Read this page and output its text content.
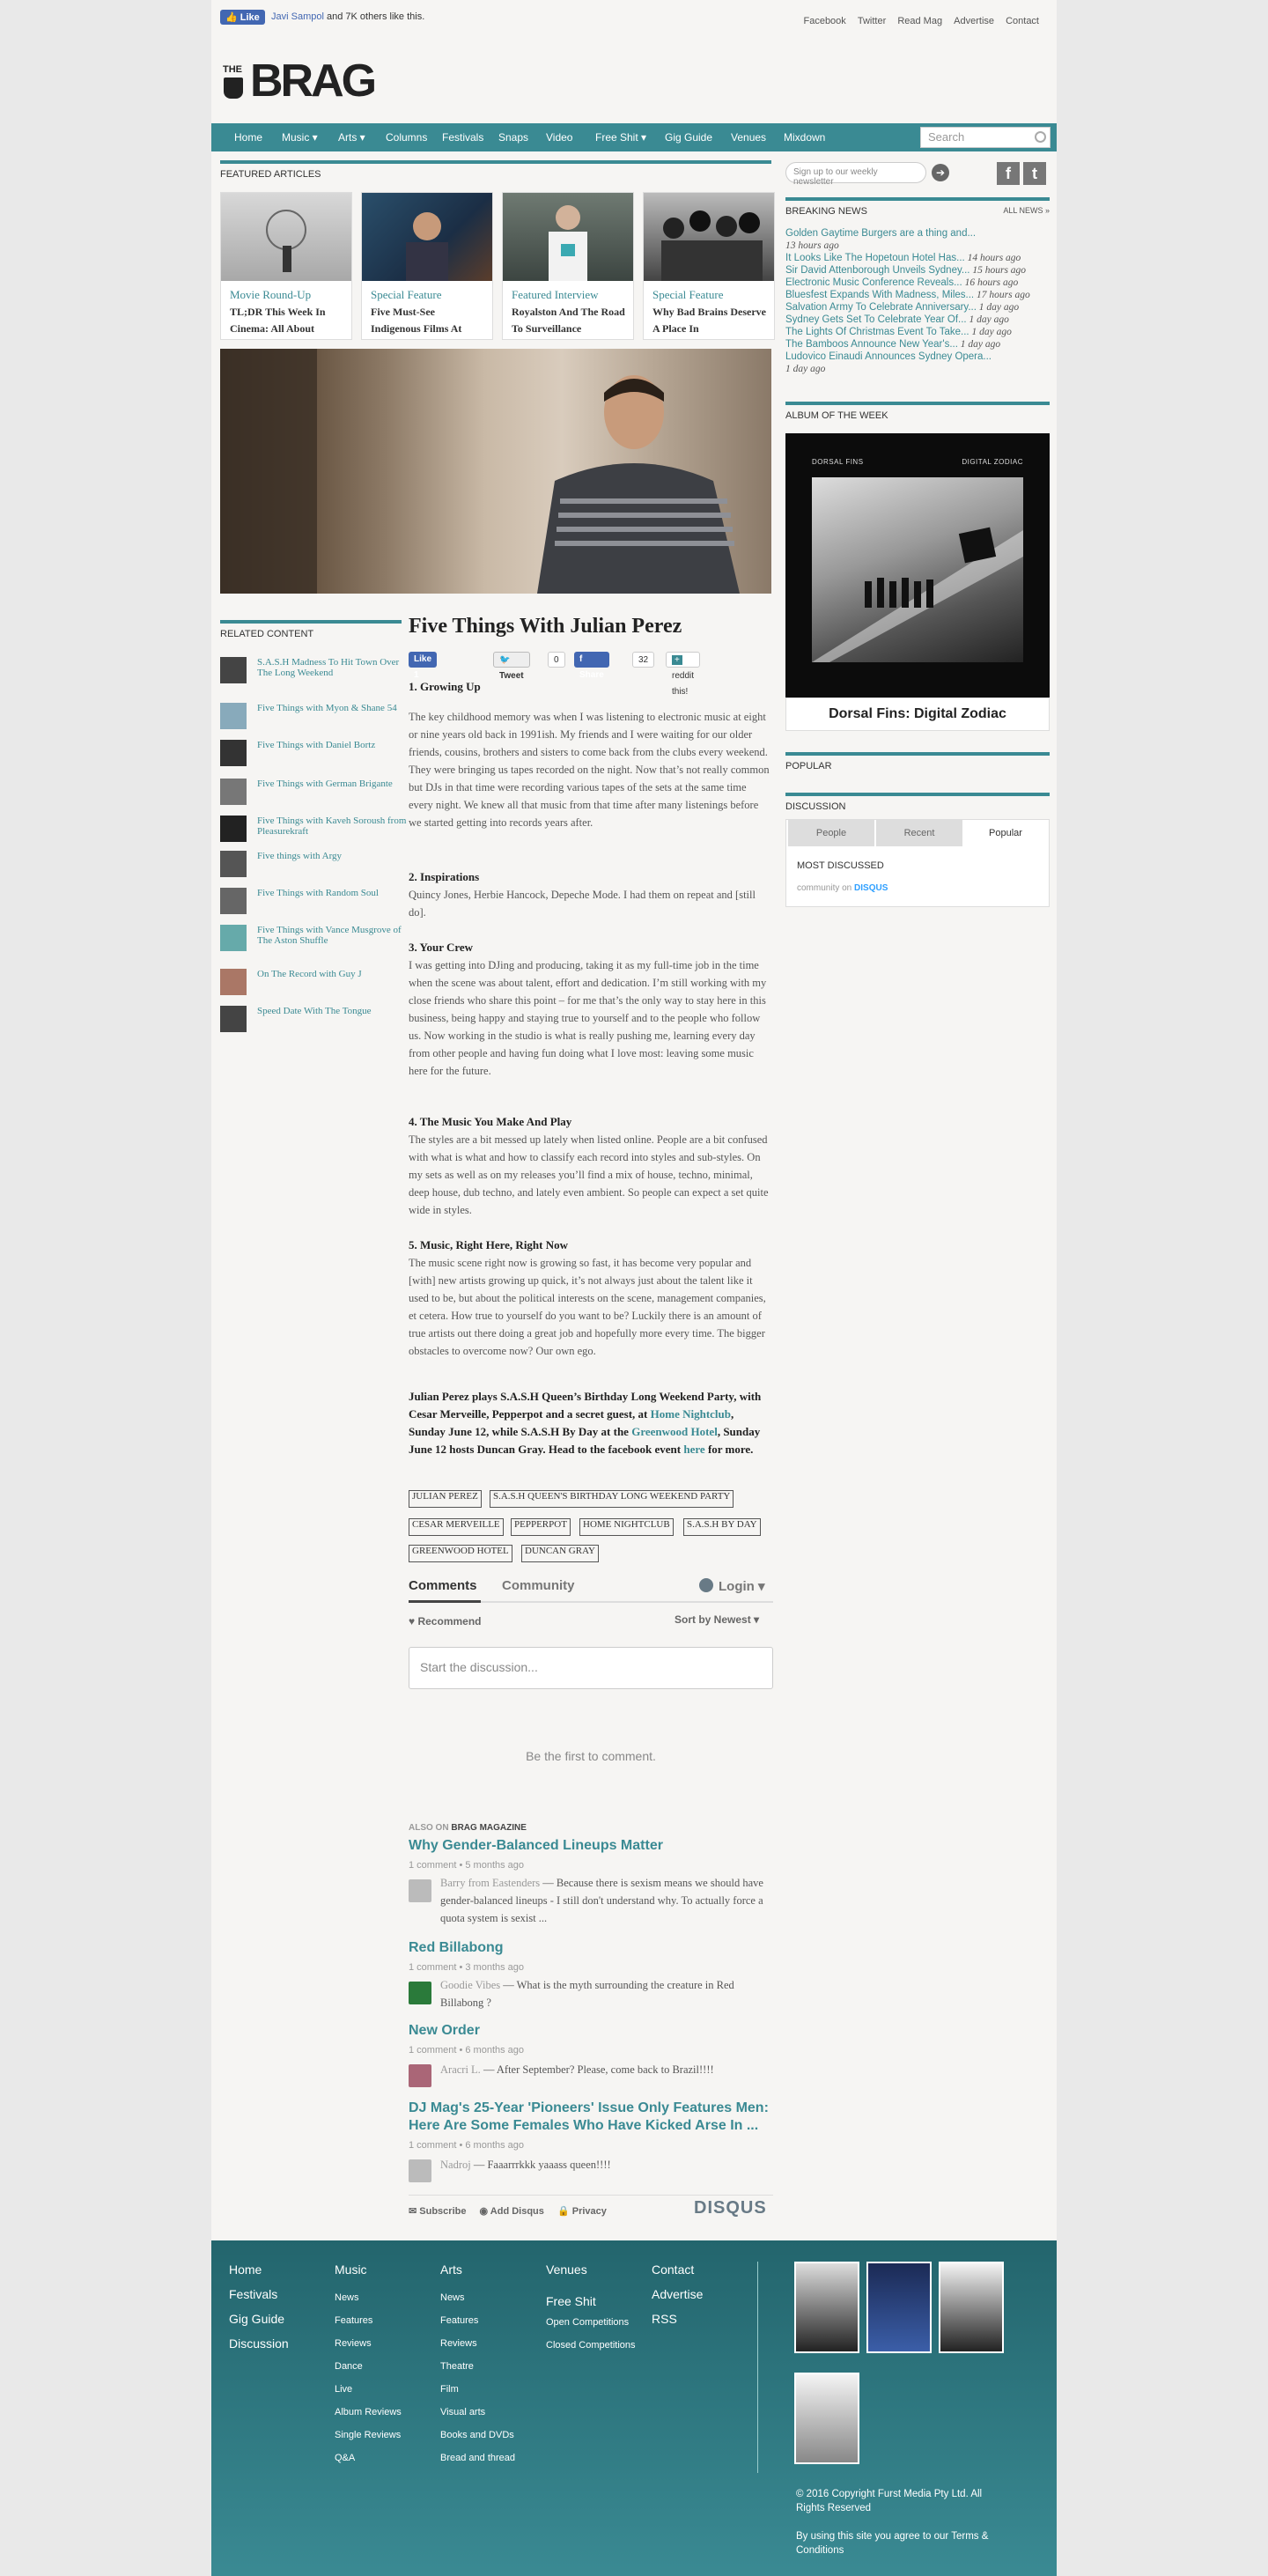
👍 Like	Javi Sampol and 7K others like this.	Facebook Twitter Read Mag Advertise Contact
THE BRAG
Home Music ▾ Arts ▾ Columns Festivals Snaps Video Free Shit ▾ Gig Guide Venues Mixdown	Search
FEATURED ARTICLES
Movie Round-Up
TL;DR This Week In Cinema: All About
Special Feature
Five Must-See Indigenous Films At
Featured Interview
Royalston And The Road To Surveillance
Special Feature
Why Bad Brains Deserve A Place In
Sign up to our weekly newsletter
➔	f	t
BREAKING NEWS	ALL NEWS »
Golden Gaytime Burgers are a thing and...
13 hours ago
It Looks Like The Hopetoun Hotel Has... 14 hours ago
Sir David Attenborough Unveils Sydney... 15 hours ago
Electronic Music Conference Reveals... 16 hours ago
Bluesfest Expands With Madness, Miles... 17 hours ago
Salvation Army To Celebrate Anniversary... 1 day ago
Sydney Gets Set To Celebrate Year Of... 1 day ago
The Lights Of Christmas Event To Take... 1 day ago
The Bamboos Announce New Year's... 1 day ago
Ludovico Einaudi Announces Sydney Opera...
1 day ago
ALBUM OF THE WEEK
DORSAL FINS	DIGITAL ZODIAC
Dorsal Fins: Digital Zodiac
POPULAR
DISCUSSION
People	Recent	Popular
MOST DISCUSSED
community on DISQUS
RELATED CONTENT
S.A.S.H Madness To Hit Town Over The Long Weekend
Five Things with Myon & Shane 54
Five Things with Daniel Bortz
Five Things with German Brigante
Five Things with Kaveh Soroush from Pleasurekraft
Five things with Argy
Five Things with Random Soul
Five Things with Vance Musgrove of The Aston Shuffle
On The Record with Guy J
Speed Date With The Tongue
Five Things With Julian Perez
Like 1
🐦 Tweet
0	f Share
32	+ reddit this!
1. Growing Up
The key childhood memory was when I was listening to electronic music at eight or nine years old back in 1991ish. My friends and I were waiting for our older friends, cousins, brothers and sisters to come back from the clubs every weekend. They were bringing us tapes recorded on the night. Now that’s not really common but DJs in that time were recording various tapes of the sets at the same time every night. We knew all that music from that time after many listenings before we started getting into records years after.
2. Inspirations
Quincy Jones, Herbie Hancock, Depeche Mode. I had them on repeat and [still do].
3. Your Crew
I was getting into DJing and producing, taking it as my full-time job in the time when the scene was about talent, effort and dedication. I’m still working with my close friends who share this point – for me that’s the only way to stay here in this business, being happy and staying true to yourself and to the people who follow us. Now working in the studio is what is really pushing me, learning every day from other people and having fun doing what I love most: leaving some music here for the future.
4. The Music You Make And Play
The styles are a bit messed up lately when listed online. People are a bit confused with what is what and how to classify each record into styles and sub-styles. On my sets as well as on my releases you’ll find a mix of house, techno, minimal, deep house, dub techno, and lately even ambient. So people can expect a set quite wide in styles.
5. Music, Right Here, Right Now
The music scene right now is growing so fast, it has become very popular and [with] new artists growing up quick, it’s not always just about the talent like it used to be, but about the political interests on the scene, management companies, et cetera. How true to yourself do you want to be? Luckily there is an amount of true artists out there doing a great job and hopefully more every time. The bigger obstacles to overcome now? Our own ego.
Julian Perez plays S.A.S.H Queen’s Birthday Long Weekend Party, with Cesar Merveille, Pepperpot and a secret guest, at Home Nightclub, Sunday June 12, while S.A.S.H By Day at the Greenwood Hotel, Sunday June 12 hosts Duncan Gray. Head to the facebook event here for more.
JULIAN PEREZ	S.A.S.H QUEEN'S BIRTHDAY LONG WEEKEND PARTY
CESAR MERVEILLE	PEPPERPOT	HOME NIGHTCLUB	S.A.S.H BY DAY
GREENWOOD HOTEL	DUNCAN GRAY
Comments Community	Login ▾
♥ Recommend	Sort by Newest ▾
Start the discussion...
Be the first to comment.
ALSO ON BRAG MAGAZINE
Why Gender-Balanced Lineups Matter
1 comment • 5 months ago
Barry from Eastenders — Because there is sexism means we should have gender-balanced lineups - I still don't understand why. To actually force a quota system is sexist ...
Red Billabong
1 comment • 3 months ago
Goodie Vibes — What is the myth surrounding the creature in Red Billabong ?
New Order
1 comment • 6 months ago
Aracri L. — After September? Please, come back to Brazil!!!!
DJ Mag's 25-Year 'Pioneers' Issue Only Features Men: Here Are Some Females Who Have Kicked Arse In ...
1 comment • 6 months ago
Nadroj — Faaarrrkkk yaaass queen!!!!
✉ Subscribe ◉ Add Disqus 🔒 Privacy	DISQUS
Home
Festivals
Gig Guide
Discussion
Music
News
Features
Reviews
Dance
Live
Album Reviews
Single Reviews
Q&A
Arts
News
Features
Reviews
Theatre
Film
Visual arts
Books and DVDs
Bread and thread
Venues
Free Shit
Open Competitions
Closed Competitions
Contact
Advertise
RSS
© 2016 Copyright Furst Media Pty Ltd. All Rights Reserved
By using this site you agree to our Terms & Conditions
